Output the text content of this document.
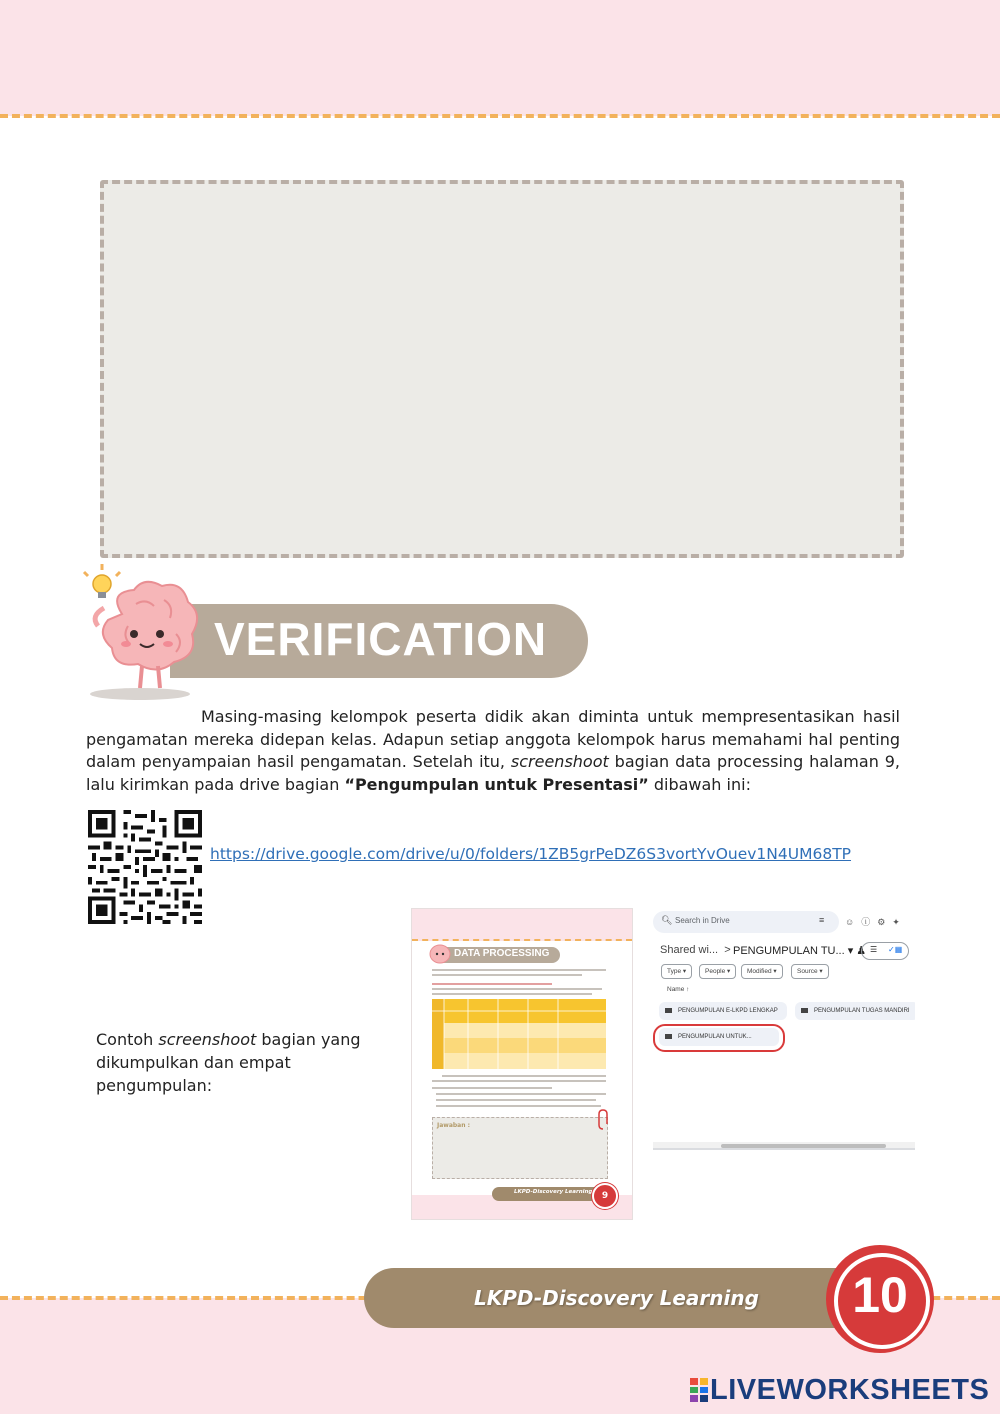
VERIFICATION
Masing-masing kelompok peserta didik akan diminta untuk mempresentasikan hasil pengamatan mereka didepan kelas. Adapun setiap anggota kelompok harus memahami hal penting dalam penyampaian hasil pengamatan. Setelah itu, screenshoot bagian data processing halaman 9, lalu kirimkan pada drive bagian “Pengumpulan untuk Presentasi” dibawah ini:
https://drive.google.com/drive/u/0/folders/1ZB5grPeDZ6S3vortYvOuev1N4UM68TP
Contoh screenshoot bagian yang dikumpulkan dan empat pengumpulan:
DATA PROCESSING
Jawaban :
LKPD-Discovery Learning	9
🔍︎ Search in Drive	≡ ☺ⓘ⚙✦
Shared wi... > PENGUMPULAN TU... ▾ ♟ ☰ ✓▦
Type ▾	People ▾	Modified ▾	Source ▾
Name ↑
PENGUMPULAN E-LKPD LENGKAP	PENGUMPULAN TUGAS MANDIRI
PENGUMPULAN UNTUK...
LKPD-Discovery Learning	10
LIVEWORKSHEETS
